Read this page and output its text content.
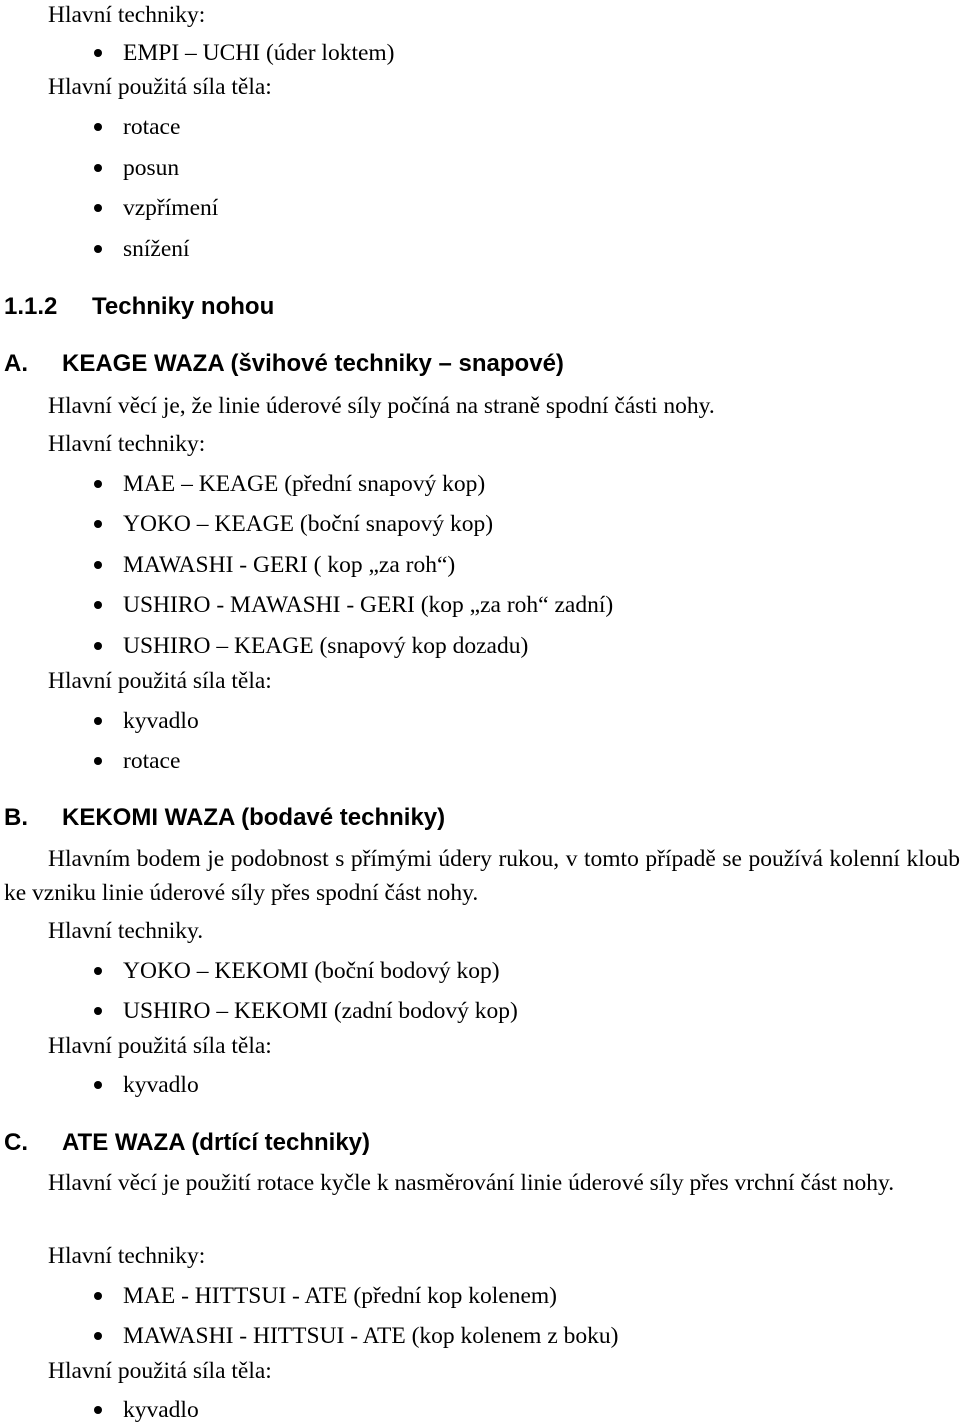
Hlavní techniky:
EMPI – UCHI (úder loktem)
Hlavní použitá síla těla:
rotace
posun
vzpřímení
snížení
1.1.2 Techniky nohou
A. KEAGE WAZA (švihové techniky – snapové)
Hlavní věcí je, že linie úderové síly počíná na straně spodní části nohy.
Hlavní techniky:
MAE – KEAGE (přední snapový kop)
YOKO – KEAGE (boční snapový kop)
MAWASHI - GERI ( kop „za roh“)
USHIRO - MAWASHI - GERI (kop „za roh“ zadní)
USHIRO – KEAGE (snapový kop dozadu)
Hlavní použitá síla těla:
kyvadlo
rotace
B. KEKOMI WAZA (bodavé techniky)
Hlavním bodem je podobnost s přímými údery rukou, v tomto případě se používá kolenní kloub ke vzniku linie úderové síly přes spodní část nohy.
Hlavní techniky.
YOKO – KEKOMI (boční bodový kop)
USHIRO – KEKOMI (zadní bodový kop)
Hlavní použitá síla těla:
kyvadlo
C. ATE WAZA (drtící techniky)
Hlavní věcí je použití rotace kyčle k nasměrování linie úderové síly přes vrchní část nohy.
Hlavní techniky:
MAE - HITTSUI - ATE (přední kop kolenem)
MAWASHI - HITTSUI - ATE (kop kolenem z boku)
Hlavní použitá síla těla:
kyvadlo
